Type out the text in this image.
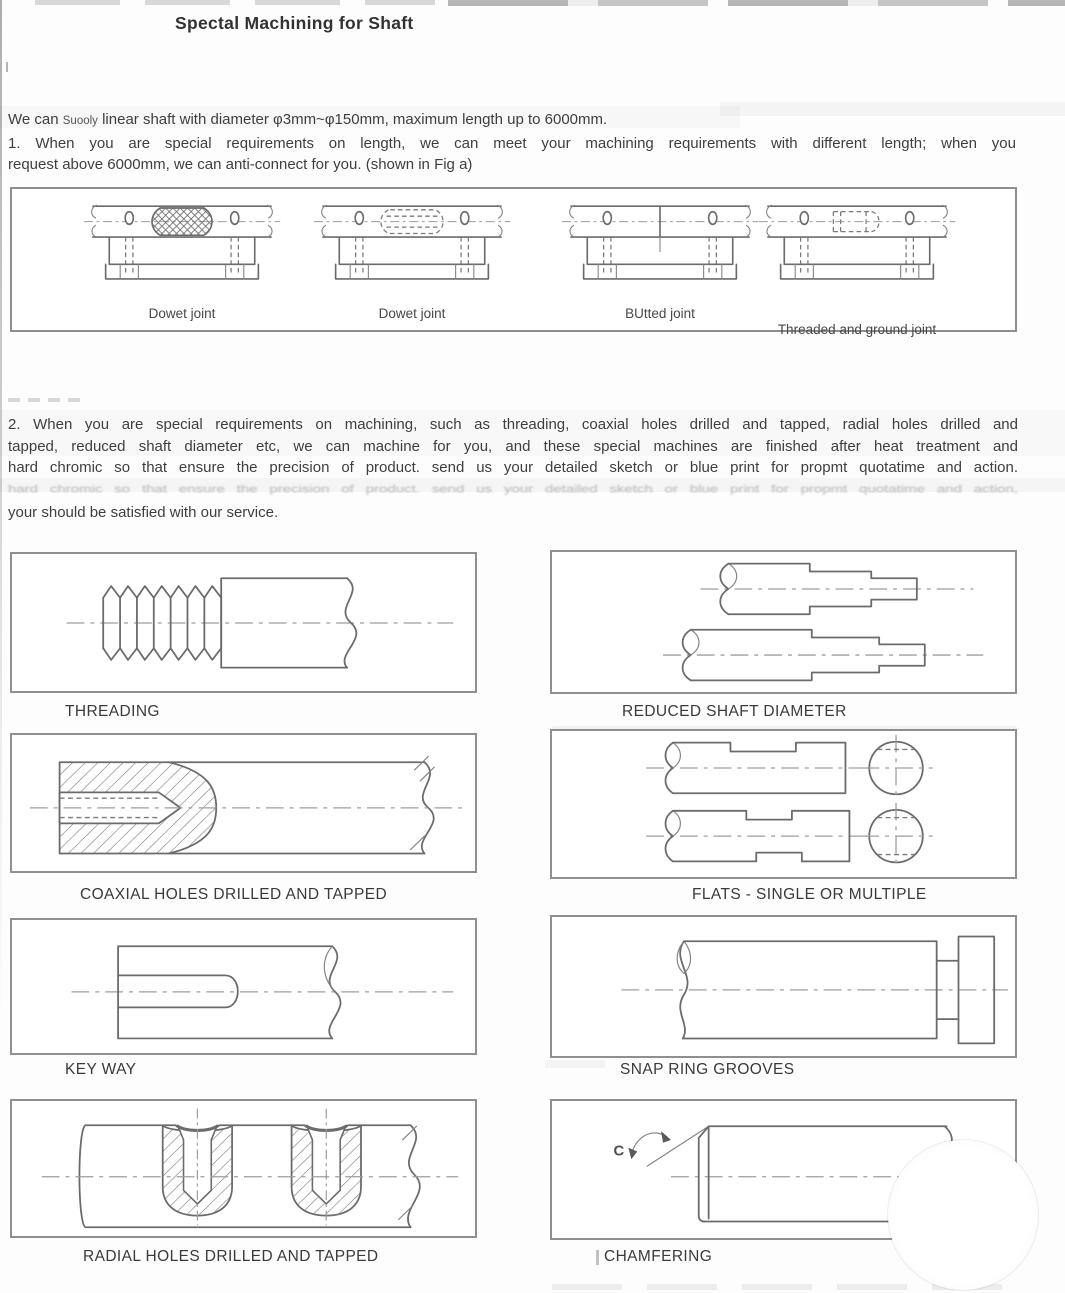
Spectal Machining for Shaft
We can Suooly linear shaft with diameter φ3mm~φ150mm, maximum length up to 6000mm.
1. When you are special requirements on length, we can meet your machining requirements with different length; when you
request above 6000mm, we can anti-connect for you. (shown in Fig a)
Dowet joint	Dowet joint	BUtted joint
Threaded and ground joint
2. When you are special requirements on machining, such as threading, coaxial holes drilled and tapped, radial holes drilled and
tapped, reduced shaft diameter etc, we can machine for you, and these special machines are finished after heat treatment and
hard chromic so that ensure the precision of product. send us your detailed sketch or blue print for propmt quotatime and action.
hard chromic so that ensure the precision of product. send us your detailed sketch or blue print for propmt quotatime and action,
your should be satisfied with our service.
C
THREADING	REDUCED SHAFT DIAMETER
COAXIAL HOLES DRILLED AND TAPPED	FLATS - SINGLE OR MULTIPLE
KEY WAY	SNAP RING GROOVES
RADIAL HOLES DRILLED AND TAPPED	CHAMFERING
